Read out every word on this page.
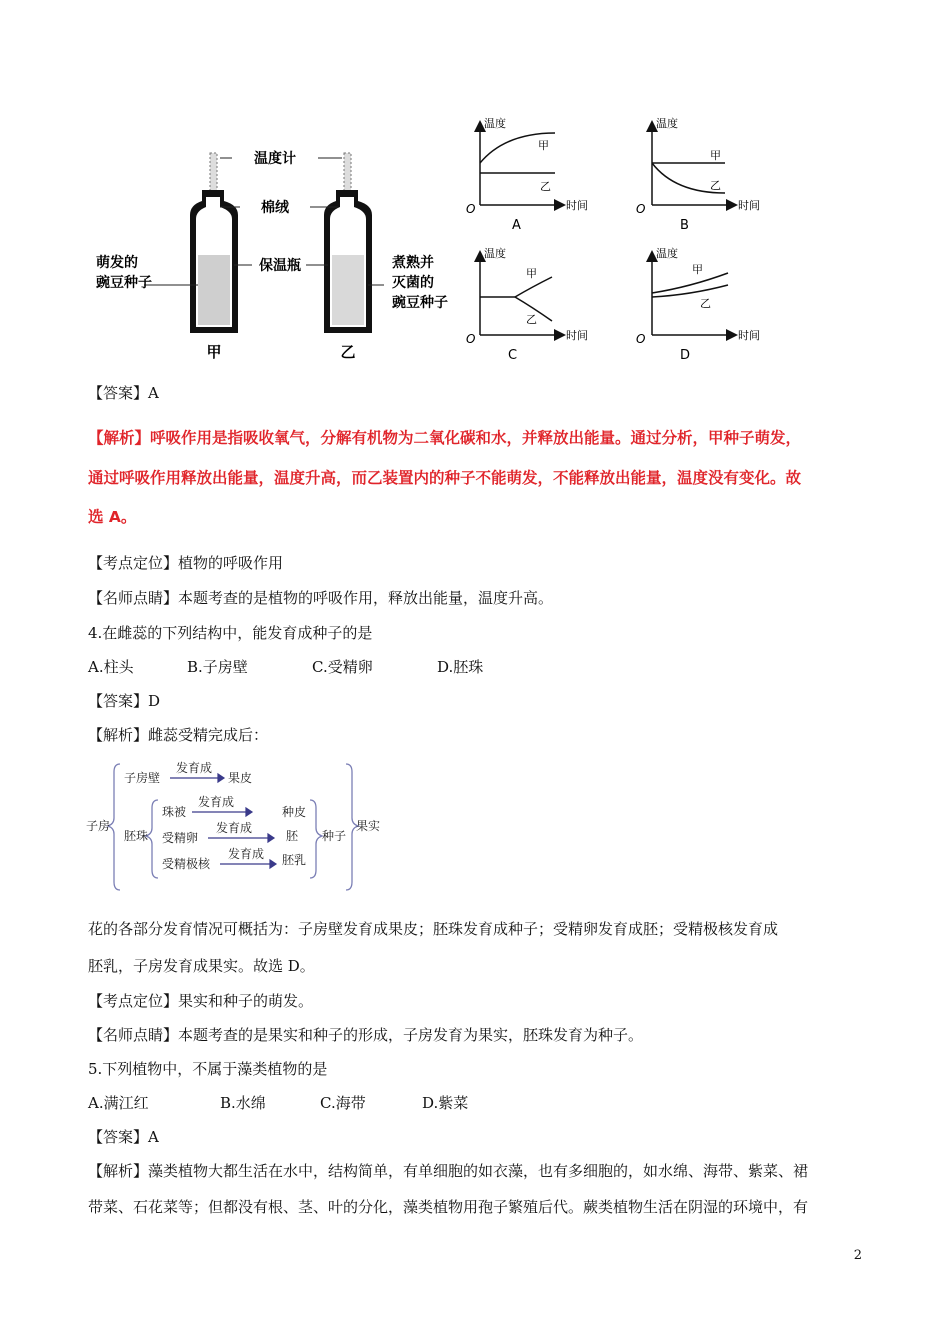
温度计
棉绒
保温瓶
萌发的
豌豆种子
煮熟并
灭菌的
豌豆种子
甲	乙
温度
甲
乙
时间
O
A
温度
甲
乙
时间
O
B
温度
甲
乙
时间
O
C
温度
甲
乙
时间
O
D
【答案】A
【解析】呼吸作用是指吸收氧气，分解有机物为二氧化碳和水，并释放出能量。通过分析，甲种子萌发，
通过呼吸作用释放出能量，温度升高，而乙装置内的种子不能萌发，不能释放出能量，温度没有变化。故
选 A。
【考点定位】植物的呼吸作用
【名师点睛】本题考查的是植物的呼吸作用，释放出能量，温度升高。
4.在雌蕊的下列结构中，能发育成种子的是
A.柱头	B.子房壁	C.受精卵	D.胚珠
【答案】D
【解析】雌蕊受精完成后：
子房
子房壁
发育成
果皮
胚珠
珠被
发育成
受精卵
发育成
受精极核
发育成
种皮
胚
胚乳
种子
果实
花的各部分发育情况可概括为：子房壁发育成果皮；胚珠发育成种子；受精卵发育成胚；受精极核发育成
胚乳，子房发育成果实。故选 D。
【考点定位】果实和种子的萌发。
【名师点睛】本题考查的是果实和种子的形成，子房发育为果实，胚珠发育为种子。
5.下列植物中，不属于藻类植物的是
A.满江红	B.水绵	C.海带	D.紫菜
【答案】A
【解析】藻类植物大都生活在水中，结构简单，有单细胞的如衣藻，也有多细胞的，如水绵、海带、紫菜、裙
带菜、石花菜等；但都没有根、茎、叶的分化，藻类植物用孢子繁殖后代。蕨类植物生活在阴湿的环境中，有
2
